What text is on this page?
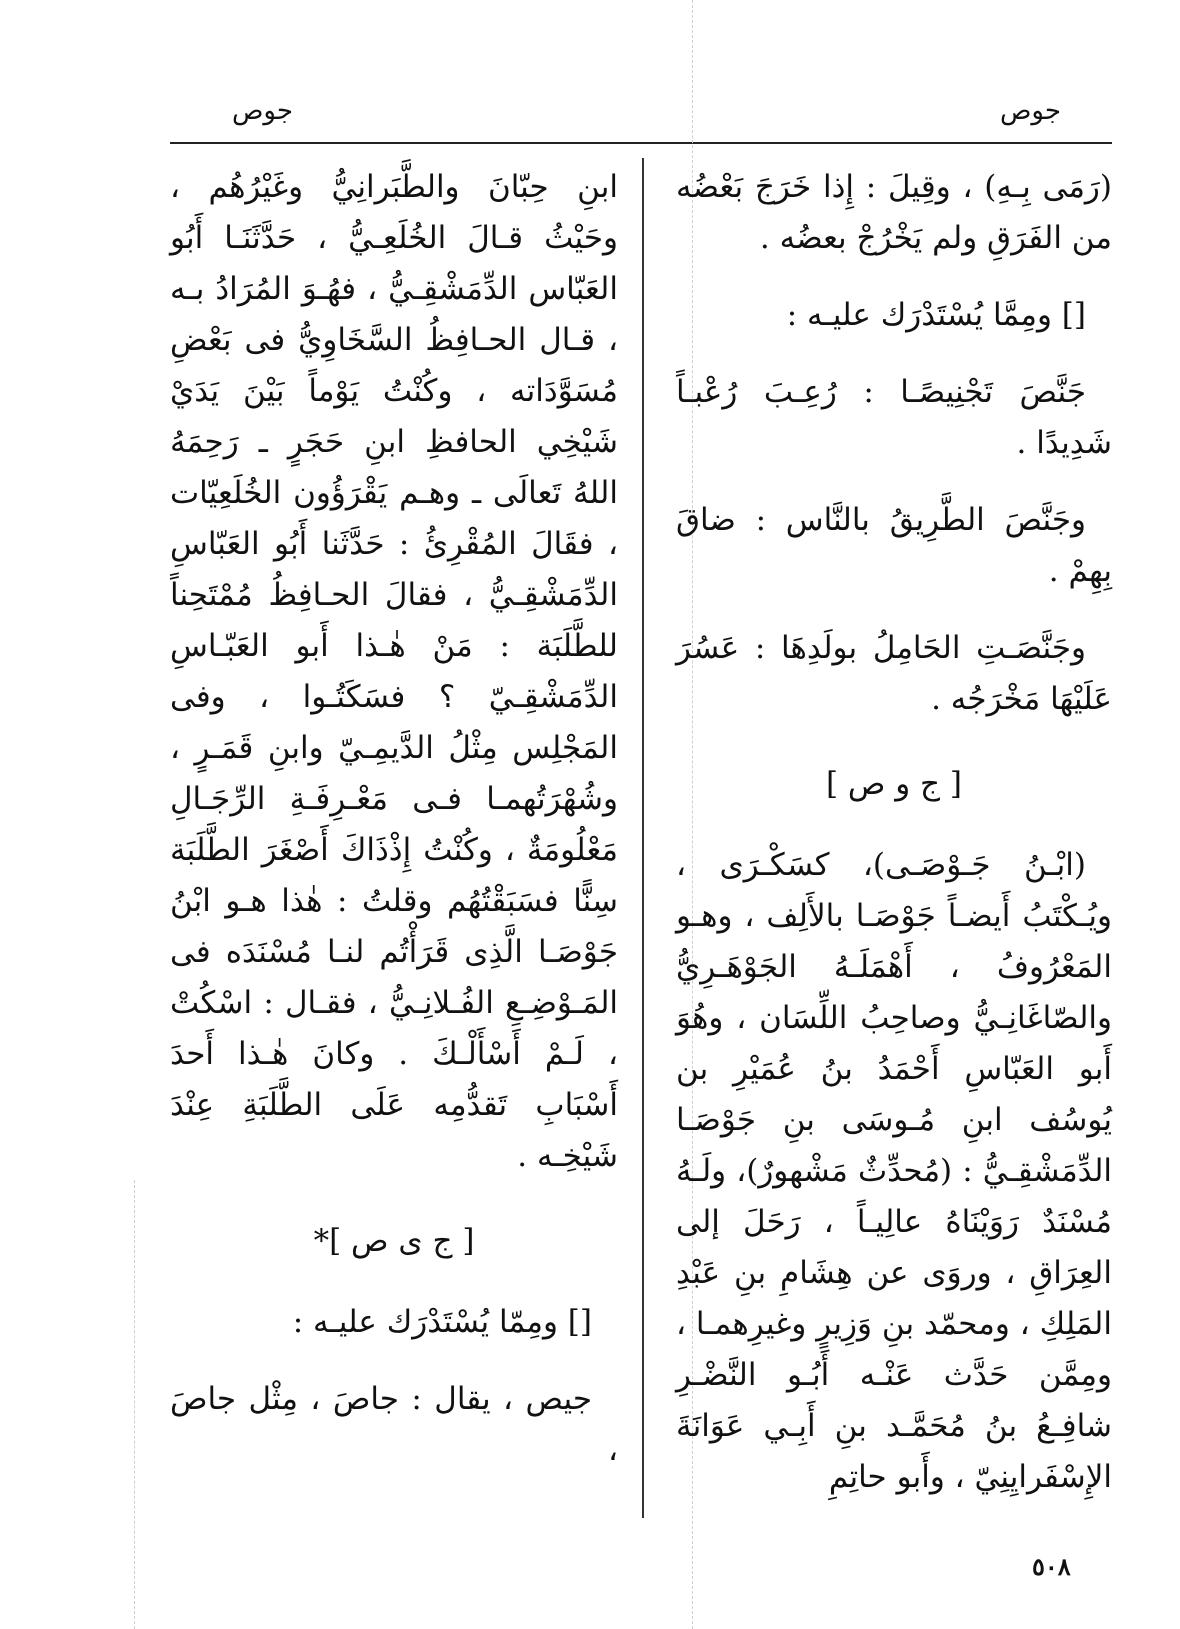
جوص
جوص

(رَمَى بِـهِ) ، وقِيلَ : إِذا خَرَجَ بَعْضُه من الفَرَقِ ولم يَخْرُجْ بعضُه .

[] ومِمَّا يُسْتَدْرَك عليـه :

جَنَّصَ تَجْنِيصًـا : رُعِـبَ رُعْبـاً شَدِيدًا .

وجَنَّصَ الطَّرِيقُ بالنَّاس : ضاقَ بِهِمْ .

وجَنَّصَـتِ الحَامِلُ بولَدِهَا : عَسُرَ عَلَيْهَا مَخْرَجُه .

[ ج و ص ]

(ابْـنُ جَـوْصَـى)، كسَكْـرَى ، ويُـكْتَبُ أَيضـاً جَوْصَـا بالأَلِف ، وهـو المَعْرُوفُ ، أَهْمَلَـهُ الجَوْهَـرِيُّ والصّاغَانِـيُّ وصاحِبُ اللِّسَان ، وهُوَ أَبو العَبّاسِ أَحْمَدُ بنُ عُمَيْرِ بن يُوسُف ابنِ مُـوسَى بنِ جَوْصَـا الدِّمَشْقِـيُّ : (مُحدِّثٌ مَشْهورٌ)، ولَـهُ مُسْنَدٌ رَوَيْنَاهُ عالِيـاً ، رَحَلَ إلى العِرَاقِ ، وروَى عن هِشَامِ بنِ عَبْدِ المَلِكِ ، ومحمّد بنِ وَزِيرٍ وغيرِهمـا ، ومِمَّن حَدَّث عَنْـه أَبُـو النَّضْـرِ شافِـعُ بنُ مُحَمَّـد بنِ أَبِـي عَوَانَةَ الإِسْفَرايِنِيّ ، وأَبو حاتِمِ

ابنِ حِبّانَ والطَّبَرانِيُّ وغَيْرُهُم ، وحَيْثُ قـالَ الخُلَعِـيُّ ، حَدَّثَنَـا أَبُو العَبّاس الدِّمَشْقِـيُّ ، فهُـوَ المُرَادُ بـه ، قـال الحـافِظُ السَّخَاوِيُّ فى بَعْضِ مُسَوَّدَاته ، وكُنْتُ يَوْماً بَيْنَ يَدَيْ شَيْخِي الحافظِ ابنِ حَجَرٍ ـ رَحِمَهُ اللهُ تَعالَى ـ وهـم يَقْرَؤُون الخُلَعِيّات ، فقَالَ المُقْرِئُ : حَدَّثَنا أَبُو العَبّاسِ الدِّمَشْقِـيُّ ، فقالَ الحـافِظُ مُمْتَحِناً للطَّلَبَة : مَنْ هٰـذا أَبو العَبّـاسِ الدِّمَشْقِـيّ ؟ فسَكَتُـوا ، وفى المَجْلِس مِثْلُ الدَّيمِـيّ وابنِ قَمَـرٍ ، وشُهْرَتُهمـا فـى مَعْـرِفَـةِ الرِّجَـالِ مَعْلُومَةٌ ، وكُنْتُ إِذْذَاكَ أَصْغَرَ الطَّلَبَة سِنًّا فسَبَقْتُهُم وقلتُ : هٰذا هـو ابْنُ جَوْصَـا الَّذِى قَرَأْتُم لنـا مُسْنَدَه فى المَـوْضِـعِ الفُـلانِـيُّ ، فقـال : اسْكُتْ ، لَـمْ أَسْأَلْـكَ . وكانَ هٰـذا أَحدَ أَسْبَابِ تَقدُّمِه عَلَى الطَّلَبَةِ عِنْدَ شَيْخِـه .

[ ج ى ص ]*

[] ومِمّا يُسْتَدْرَك عليـه :

جيص ، يقال : جاصَ ، مِثْل جاصَ ،

٥٠٨
